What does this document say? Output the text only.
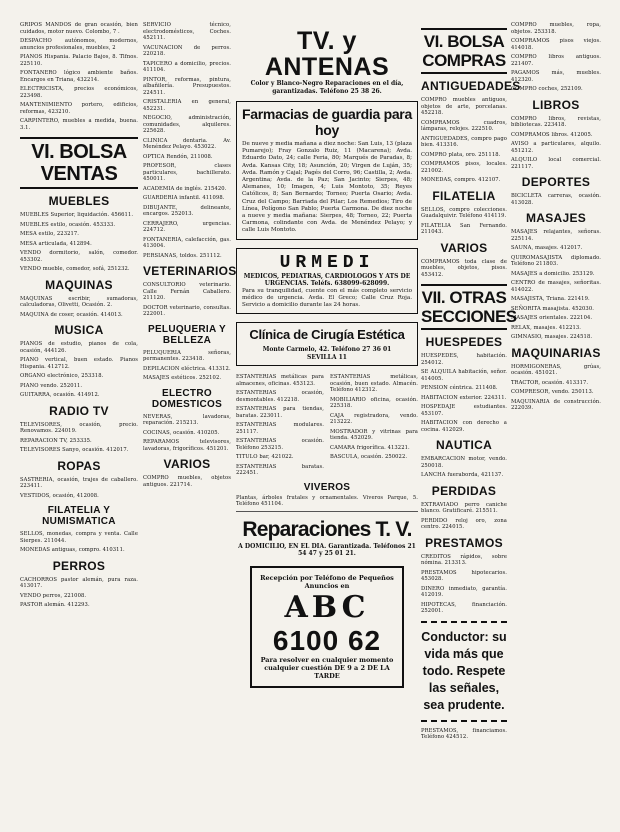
GRIPOS MANDOS de gran ocasión, bien cuidados, motor nuevo. Colombo, 7 .
DESPACHO autónomos, modernos, anuncios profesionales, muebles, 2
PIANOS Hispania. Palacio Bajos, 8. Tlfnos. 225110.
FONTANERO lógico ambiente baños. Encargos en Triana, 432214.
ELECTRICISTA, precios económicos, 223498.
MANTENIMIENTO portero, edificios, reformas, 423210.
CARPINTERO, muebles a medida, buena. 3.1.
VI. BOLSA VENTAS
MUEBLES
MUEBLES Superior, liquidación. 456611.
MUEBLES estilo, ocasión. 453333.
MESA estilo, 223217.
MESA articulada, 412894.
VENDO dormitorio, salón, comedor. 453302.
VENDO mueble, comedor, sofá, 251232.
MAQUINAS
MAQUINAS escribir, sumadoras, calculadoras, Olivetti, Ocasión. 2.
MAQUINA de coser, ocasión. 414013.
MUSICA
PIANOS de estudio, pianos de cola, ocasión, 444126.
PIANO vertical, buen estado. Pianos Hispania. 412712.
ORGANO electrónico, 253318.
PIANO vendo. 252011.
GUITARRA, ocasión. 414912.
RADIO TV
TELEVISORES, ocasión, precio. Renovamos. 224019.
REPARACION TV, 253335.
TELEVISORES Sanyo, ocasión. 412017.
ROPAS
SASTRERIA, ocasión, trajes de caballero. 223411.
VESTIDOS, ocasión, 412008.
FILATELIA Y NUMISMATICA
SELLOS, monedas, compra y venta. Calle Sierpes. 211044.
MONEDAS antiguas, compro. 410311.
PERROS
CACHORROS pastor alemán, pura raza. 413017.
VENDO perros, 221008.
PASTOR alemán. 412293.
SERVICIO técnico, electrodomésticos, Coches. 452111.
VACUNACION de perros. 220218.
TAPICERO a domicilio, precios. 411104.
PINTOR, reformas, pintura, albañilería. Presupuestos. 224511.
CRISTALERIA en general, 452231.
NEGOCIO, administración, comunidades, alquileres. 225628.
CLINICA dentaria. Av. Menéndez Pelayo. 453022.
OPTICA Rendón, 211008.
PROFESOR, clases particulares, bachillerato. 450011.
ACADEMIA de inglés. 215420.
GUARDERIA infantil. 411098.
DIBUJANTE, delineante, encargos. 252013.
CERRAJERO, urgencias. 224712.
FONTANERIA, calefacción, gas. 413004.
PERSIANAS, toldos. 251112.
VETERINARIOS
CONSULTORIO veterinario. Calle Fernán Caballero. 211120.
DOCTOR veterinario, consultas. 222001.
PELUQUERIA Y BELLEZA
PELUQUERIA señoras, permanentes. 223418.
DEPILACION eléctrica. 413312.
MASAJES estéticos. 252102.
ELECTRO DOMESTICOS
NEVERAS, lavadoras, reparación. 215213.
COCINAS, ocasión. 410205.
REPARAMOS televisores, lavadoras, frigoríficos. 451201.
VARIOS
COMPRO muebles, objetos antiguos. 221714.
TV. y ANTENAS
Color y Blanco-Negro Reparaciones en el día, garantizadas. Teléfono 25 38 26.
Farmacias de guardia para hoy
De nueve y media mañana a diez noche: San Luis, 13 (plaza Pumarejo); Fray Gonzalo Ruiz, 11 (Macarena); Avda. Eduardo Dato, 24; calle Feria, 80; Marqués de Paradas, 8; Avda. Kansas City, 18; Asunción, 20; Virgen de Luján, 35; Avda. Ramón y Cajal; Pagés del Corro, 96; Castilla, 2; Avda. Argentina; Avda. de la Paz; San Jacinto; Sierpes, 48; Alemanes, 10; Imagen, 4; Luis Montoto, 35; Reyes Católicos, 8; San Bernardo; Torneo; Puerta Osario; Avda. Cruz del Campo; Barriada del Pilar; Los Remedios; Tiro de Línea, Polígono San Pablo; Puerta Carmona. De diez noche a nueve y media mañana: Sierpes, 48; Torneo, 22; Puerta Carmona, colindante con Avda. de Menéndez Pelayo; y calle Luis Montoto.
URMEDI
MEDICOS, PEDIATRAS, CARDIOLOGOS Y ATS DE URGENCIAS. Teléfs. 638099-628099.
Para su tranquilidad, cuente con el más completo servicio médico de urgencia. Avda. El Greco; Calle Cruz Roja. Servicio a domicilio durante las 24 horas.
Clínica de Cirugía Estética
Monte Carmelo, 42. Teléfono 27 36 01
SEVILLA 11
ESTANTERIAS metálicas para almacenes, oficinas. 453123.
ESTANTERIAS ocasión, desmontables. 412218.
ESTANTERIAS para tiendas, baratas. 223011.
ESTANTERIAS modulares. 251117.
ESTANTERIAS ocasión. Teléfono 253215.
TITULO bar, 421022.
ESTANTERIAS baratas. 222451.
ESTANTERIAS metálicas, ocasión, buen estado. Almacén. Teléfono 412312.
MOBILIARIO oficina, ocasión. 225318.
CAJA registradora, vendo. 213222.
MOSTRADOR y vitrinas para tienda. 452029.
CAMARA frigorífica. 413221.
BASCULA, ocasión. 250022.
VIVEROS
Plantas, árboles frutales y ornamentales. Viveros Parque, 5. Teléfono 451104.
Reparaciones T. V.
A DOMICILIO, EN EL DIA. Garantizada. Teléfonos 21 54 47 y 25 01 21.
Recepción por Teléfono de Pequeños Anuncios en
ABC
6100 62
Para resolver en cualquier momento cualquier cuestión DE 9 a 2 DE LA TARDE
VI. BOLSA COMPRAS
ANTIGUEDADES
COMPRO muebles antiguos, objetos de arte, porcelanas. 452218.
COMPRAMOS cuadros, lámparas, relojes. 222510.
ANTIGUEDADES, compro pago bien. 413316.
COMPRO plata, oro. 251118.
COMPRAMOS pisos, locales. 221002.
MONEDAS, compro. 412107.
FILATELIA
SELLOS, compro colecciones. Guadalquivir. Teléfono 414119.
FILATELIA San Fernando. 211043.
VARIOS
COMPRAMOS toda clase de muebles, objetos, pisos. 453412.
VII. OTRAS SECCIONES
HUESPEDES
HUESPEDES, habitación. 254012.
SE ALQUILA habitación, señor. 414005.
PENSION céntrica. 211408.
HABITACION exterior. 224311.
HOSPEDAJE estudiantes. 453107.
HABITACION con derecho a cocina. 412029.
NAUTICA
EMBARCACION motor, vendo. 250018.
LANCHA fueraborda, 421137.
PERDIDAS
EXTRAVIADO perro caniche blanco. Gratificaré. 215511.
PERDIDO reloj oro, zona centro. 224015.
PRESTAMOS
CREDITOS rápidos, sobre nómina. 213313.
PRESTAMOS hipotecarios. 453028.
DINERO inmediato, garantía. 412019.
HIPOTECAS, financiación. 252001.
Conductor: su vida más que todo. Respete las señales, sea prudente.
PRESTAMOS, financiamos. Teléfono 424512.
COMPRO muebles, ropa, objetos. 253318.
COMPRAMOS pisos viejos. 414018.
COMPRO libros antiguos. 221407.
PAGAMOS más, muebles. 412320.
COMPRO coches, 252109.
LIBROS
COMPRO libros, revistas, bibliotecas. 223418.
COMPRAMOS libros. 412005.
AVISO a particulares, alquilo. 451212.
ALQUILO local comercial. 221117.
DEPORTES
BICICLETA carreras, ocasión. 413028.
MASAJES
MASAJES relajantes, señoras. 225114.
SAUNA, masajes. 412017.
QUIROMASAJISTA diplomado. Teléfono 211803.
MASAJES a domicilio. 253129.
CENTRO de masajes, señoritas. 414022.
MASAJISTA, Triana. 221419.
SEÑORITA masajista. 452030.
MASAJES orientales. 222104.
RELAX, masajes. 412213.
GIMNASIO, masajes. 224518.
MAQUINARIAS
HORMIGONERAS, grúas, ocasión. 451021.
TRACTOR, ocasión. 413317.
COMPRESOR, vendo. 250113.
MAQUINARIA de construcción. 222039.
